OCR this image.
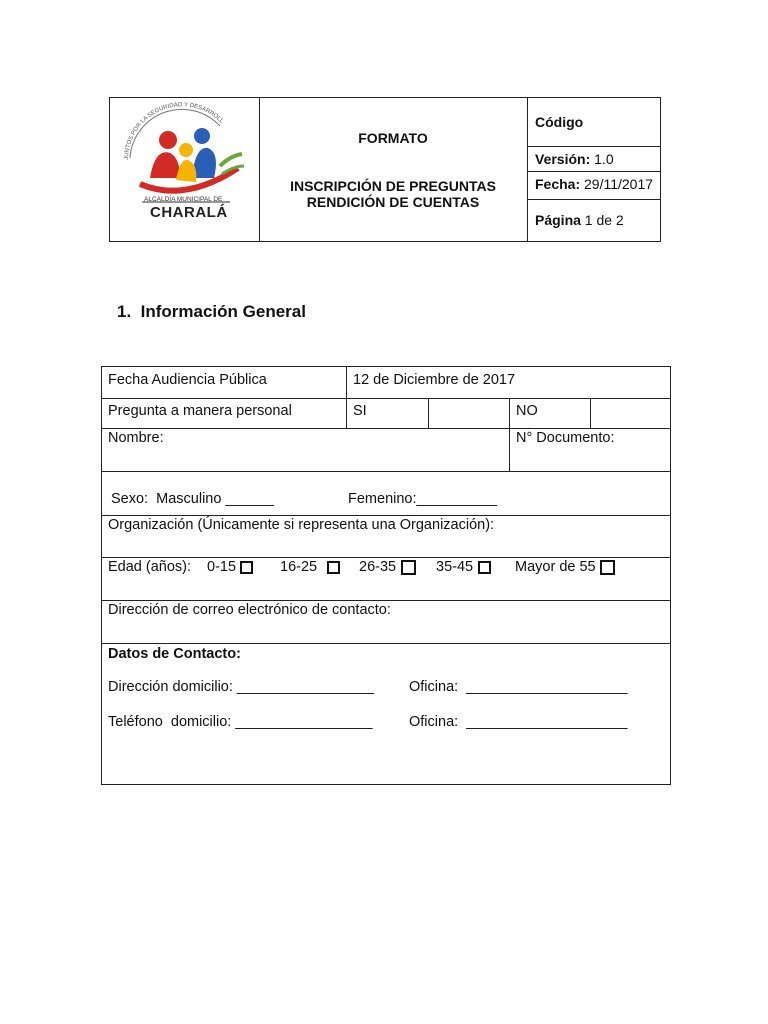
JUNTOS POR LA SEGURIDAD Y DESARROLL
ALCALDÍA MUNICIPAL DE
CHARALÁ
FORMATO
INSCRIPCIÓN DE PREGUNTAS
RENDICIÓN DE CUENTAS
Código
Versión: 1.0
Fecha: 29/11/2017
Página 1 de 2
1. Información General
Fecha Audiencia Pública	12 de Diciembre de 2017
Pregunta a manera personal	SI	NO
Nombre:	N° Documento:
Sexo:  Masculino ______	Femenino:__________
Organización (Únicamente si representa una Organización):
Edad (años): 0-15	16-25	26-35	35-45	Mayor de 55
Dirección de correo electrónico de contacto:
Datos de Contacto:
Dirección domicilio: _________________ Oficina:  ____________________
Teléfono  domicilio: _________________	Oficina:  ____________________
